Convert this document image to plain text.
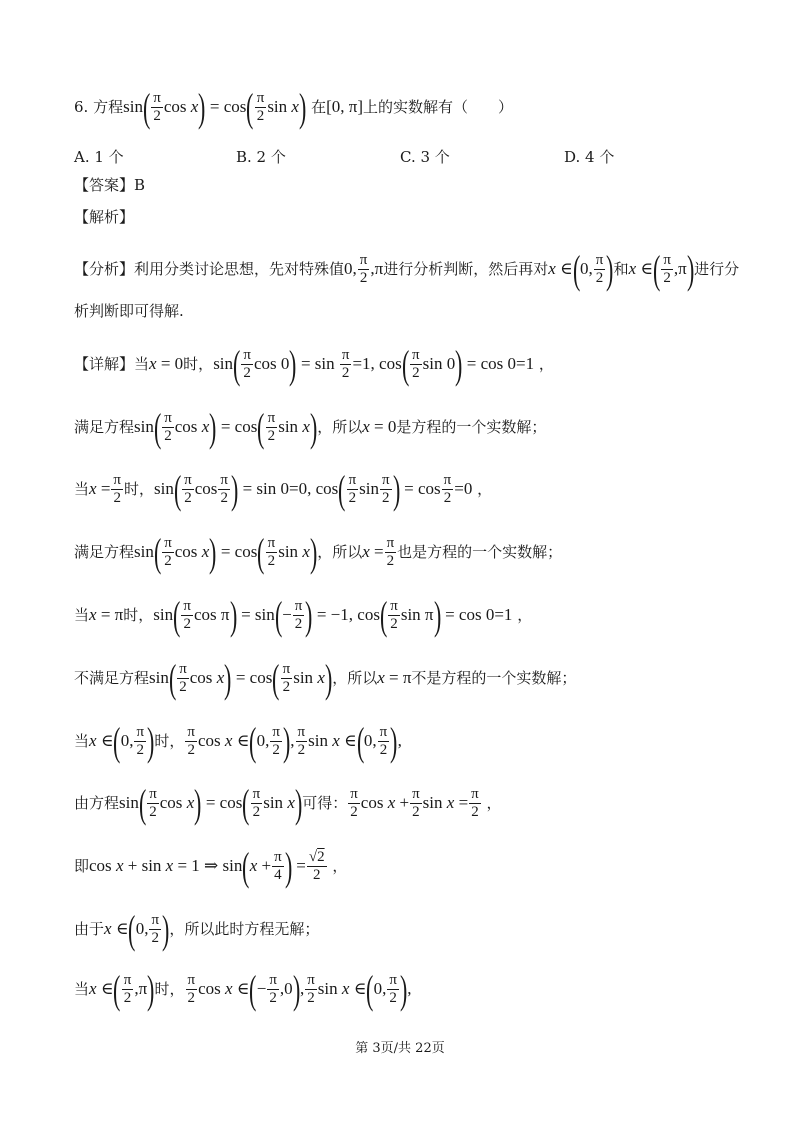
6. 方程$\sin( \frac{\pi}{2}$ $\cos x) = \cos( \frac{\pi}{2}$ sin x) 在[0, π]上的实数解有（　　）
A. 1 个	B. 2 个	C. 3 个	D. 4 个
【答案】B
【解析】
【分析】利用分类讨论思想，先对特殊值0, $\frac{\pi}{2} ,\pi$进行分析判断，然后再对x ∈(0, $\frac{\pi}{2}$ )和x ∈( $\frac{\pi}{2} ,\pi$)进行分
析判断即可得解.
【详解】当x = 0时，$\sin( \frac{\pi}{2}$ $\cos 0) = \sin \frac{\pi}{2} =1$, $\cos( \frac{\pi}{2}$ sin 0) = cos 0=1 ，
满足方程$\sin( \frac{\pi}{2}$ $\cos x) = \cos( \frac{\pi}{2}$ sin x)，所以x = 0是方程的一个实数解；
当$x = \frac{\pi}{2}$ 时，$\sin( \frac{\pi}{2}$ $\cos \frac{\pi}{2}$ ) = sin 0=0, $\cos( \frac{\pi}{2}$ $\sin \frac{\pi}{2}$ ) = $\cos \frac{\pi}{2} =0$ ，
满足方程$\sin( \frac{\pi}{2}$ $\cos x) = \cos( \frac{\pi}{2}$ sin x)，所以$x = \frac{\pi}{2}$ 也是方程的一个实数解；
当x = π时，$\sin( \frac{\pi}{2}$ $\cos \pi) = \sin(- \frac{\pi}{2}$ ) = −1, $\cos( \frac{\pi}{2}$ sin π) = cos 0=1 ，
不满足方程$\sin( \frac{\pi}{2}$ $\cos x) = \cos( \frac{\pi}{2}$ sin x)，所以x = π不是方程的一个实数解；
当x ∈(0, $\frac{\pi}{2}$ )时， $\frac{\pi}{2}$ cos x ∈(0, $\frac{\pi}{2}$ ), $\frac{\pi}{2}$ sin x ∈(0, $\frac{\pi}{2}$ ),
由方程$\sin( \frac{\pi}{2}$ $\cos x) = \cos( \frac{\pi}{2}$ sin x)可得： $\frac{\pi}{2}$ $\cos x + \frac{\pi}{2}$ $\sin x = \frac{\pi}{2}$ ，
即cos x + sin x = 1 ⇒ $\sin(x + \frac{\pi}{4}$ ) = $\frac{√2}{2}$ ，
由于x ∈(0, $\frac{\pi}{2}$ )，所以此时方程无解；
当x ∈( $\frac{\pi}{2} ,\pi$)时， $\frac{\pi}{2}$ cos x ∈(− $\frac{\pi}{2} ,0$), $\frac{\pi}{2}$ sin x ∈(0, $\frac{\pi}{2}$ ),
第 3页/共 22页
